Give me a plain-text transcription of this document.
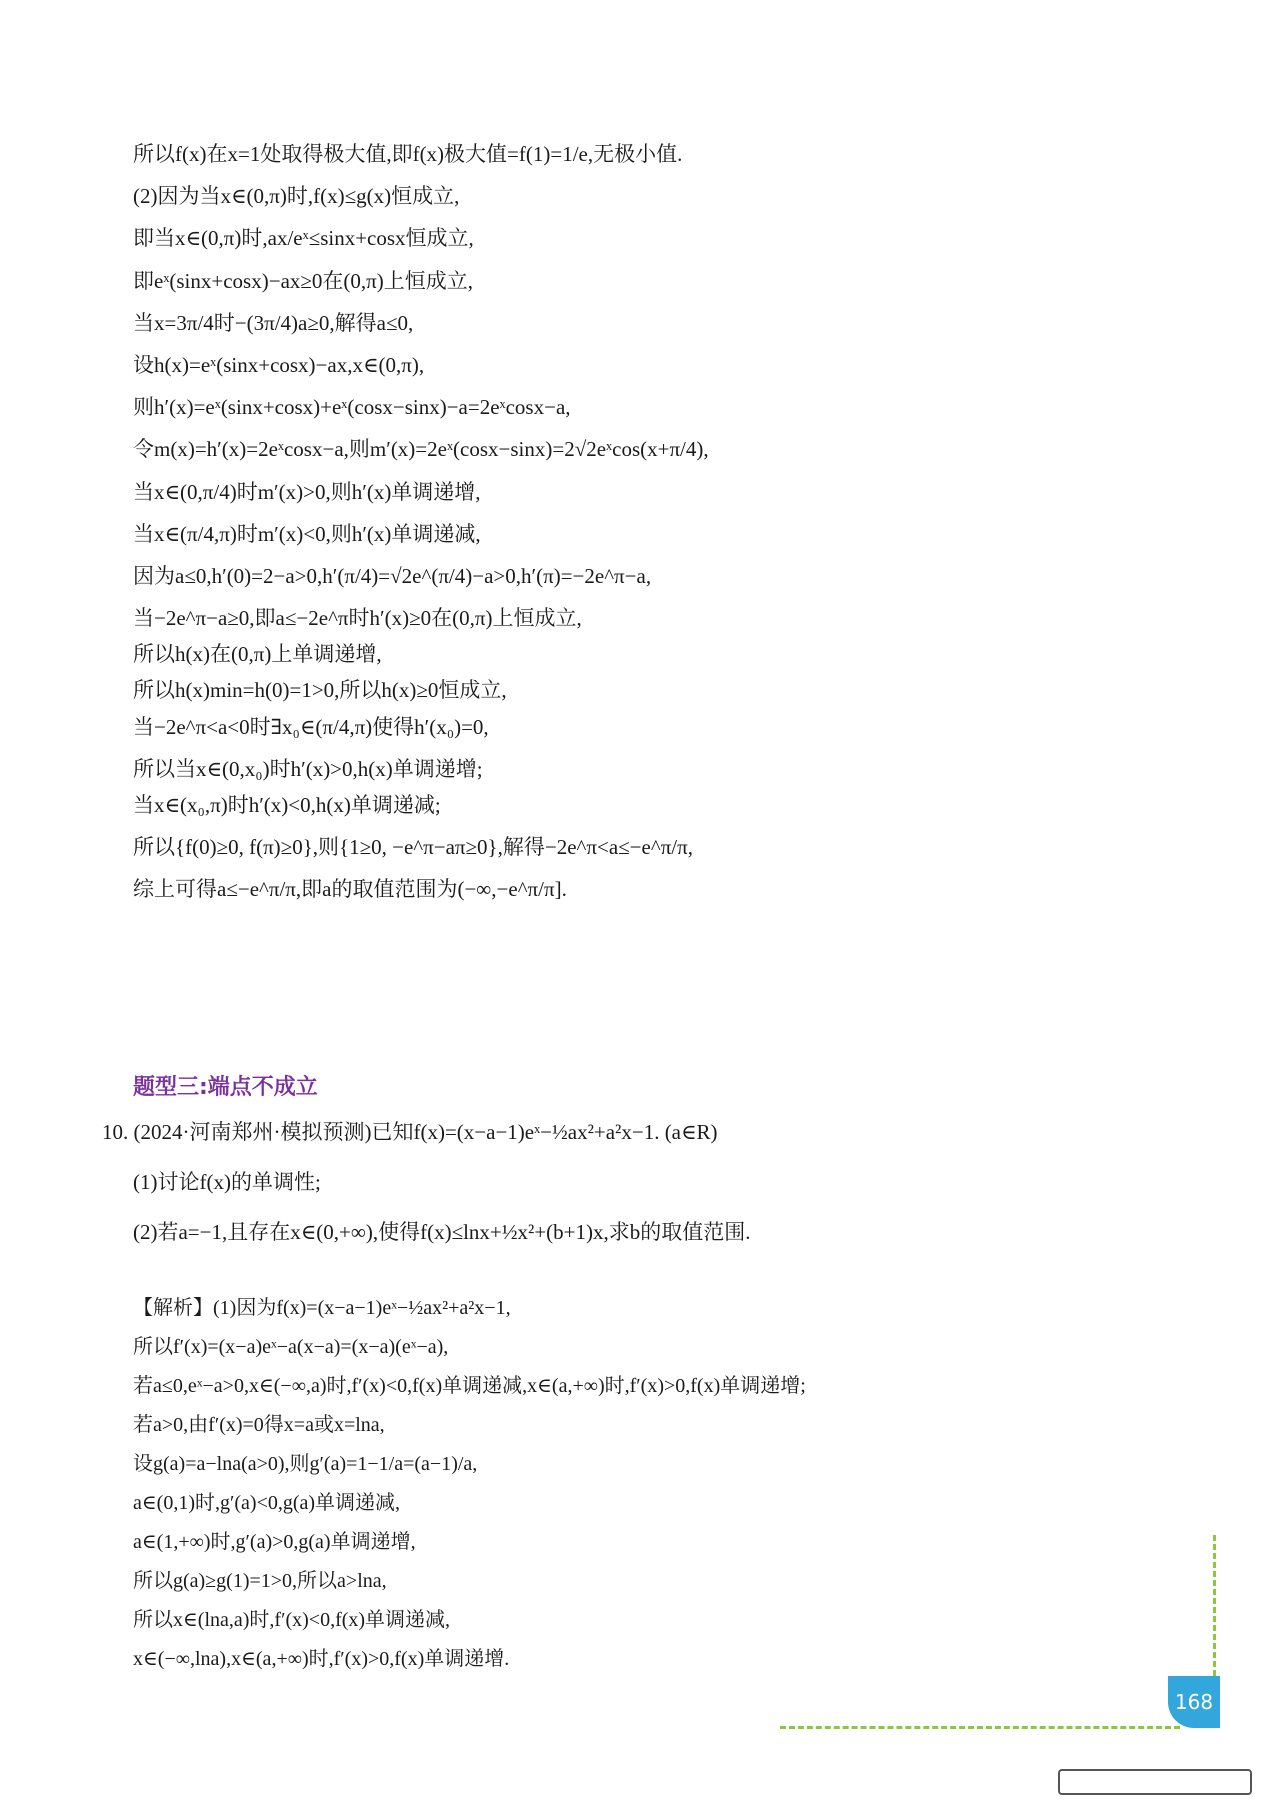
所以f(x)在x=1处取得极大值,即f(x)极大值=f(1)=1/e,无极小值.
(2)因为当x∈(0,π)时,f(x)≤g(x)恒成立,
即当x∈(0,π)时,ax/eˣ≤sinx+cosx恒成立,
即eˣ(sinx+cosx)−ax≥0在(0,π)上恒成立,
当x=3π/4时−(3π/4)a≥0,解得a≤0,
设h(x)=eˣ(sinx+cosx)−ax,x∈(0,π),
则h′(x)=eˣ(sinx+cosx)+eˣ(cosx−sinx)−a=2eˣcosx−a,
令m(x)=h′(x)=2eˣcosx−a,则m′(x)=2eˣ(cosx−sinx)=2√2eˣcos(x+π/4),
当x∈(0,π/4)时m′(x)>0,则h′(x)单调递增,
当x∈(π/4,π)时m′(x)<0,则h′(x)单调递减,
因为a≤0,h′(0)=2−a>0,h′(π/4)=√2e^(π/4)−a>0,h′(π)=−2e^π−a,
当−2e^π−a≥0,即a≤−2e^π时h′(x)≥0在(0,π)上恒成立,
所以h(x)在(0,π)上单调递增,
所以h(x)min=h(0)=1>0,所以h(x)≥0恒成立,
当−2e^π<a<0时∃x₀∈(π/4,π)使得h′(x₀)=0,
所以当x∈(0,x₀)时h′(x)>0,h(x)单调递增;
当x∈(x₀,π)时h′(x)<0,h(x)单调递减;
所以{f(0)≥0, f(π)≥0},则{1≥0, −e^π−aπ≥0},解得−2e^π<a≤−e^π/π,
综上可得a≤−e^π/π,即a的取值范围为(−∞,−e^π/π].
题型三:端点不成立
10. (2024·河南郑州·模拟预测)已知f(x)=(x−a−1)eˣ−½ax²+a²x−1. (a∈R)
(1)讨论f(x)的单调性;
(2)若a=−1,且存在x∈(0,+∞),使得f(x)≤lnx+½x²+(b+1)x,求b的取值范围.
【解析】(1)因为f(x)=(x−a−1)eˣ−½ax²+a²x−1,
所以f′(x)=(x−a)eˣ−a(x−a)=(x−a)(eˣ−a),
若a≤0,eˣ−a>0,x∈(−∞,a)时,f′(x)<0,f(x)单调递减,x∈(a,+∞)时,f′(x)>0,f(x)单调递增;
若a>0,由f′(x)=0得x=a或x=lna,
设g(a)=a−lna(a>0),则g′(a)=1−1/a=(a−1)/a,
a∈(0,1)时,g′(a)<0,g(a)单调递减,
a∈(1,+∞)时,g′(a)>0,g(a)单调递增,
所以g(a)≥g(1)=1>0,所以a>lna,
所以x∈(lna,a)时,f′(x)<0,f(x)单调递减,
x∈(−∞,lna),x∈(a,+∞)时,f′(x)>0,f(x)单调递增.
168
